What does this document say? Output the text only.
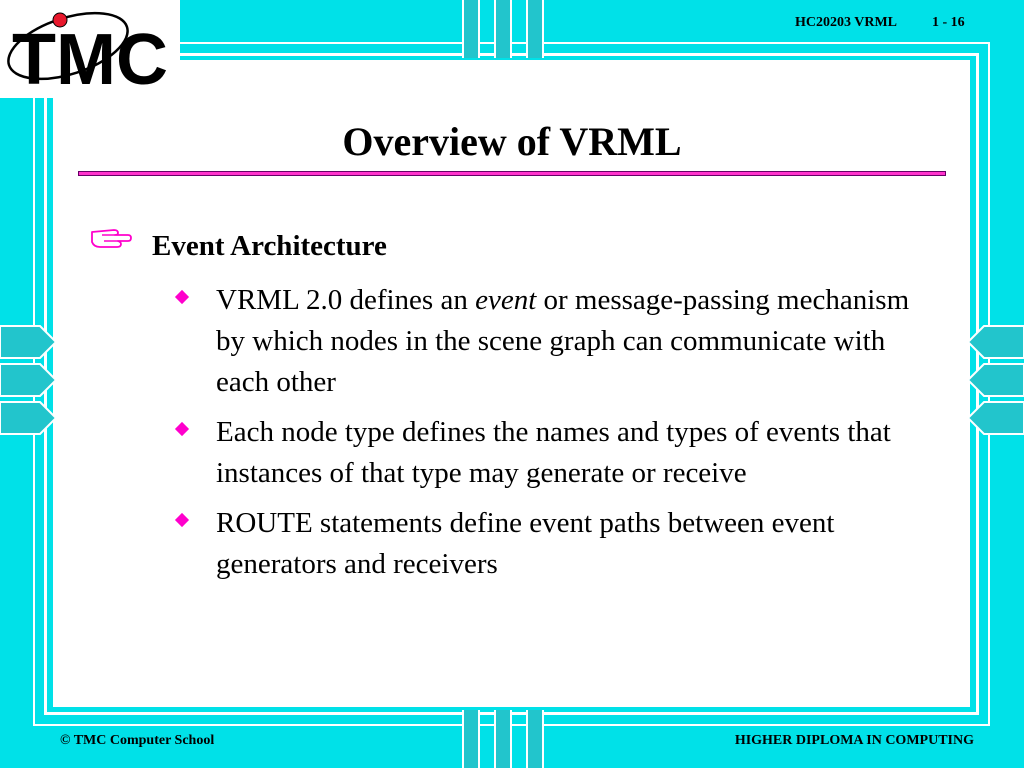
TMC	HC20203 VRML 1 - 16
Overview of VRML
Event Architecture
VRML 2.0 defines an event or message-passing mechanism by which nodes in the scene graph can communicate with each other
Each node type defines the names and types of events that instances of that type may generate or receive
ROUTE statements define event paths between event generators and receivers
© TMC Computer School	HIGHER DIPLOMA IN COMPUTING
